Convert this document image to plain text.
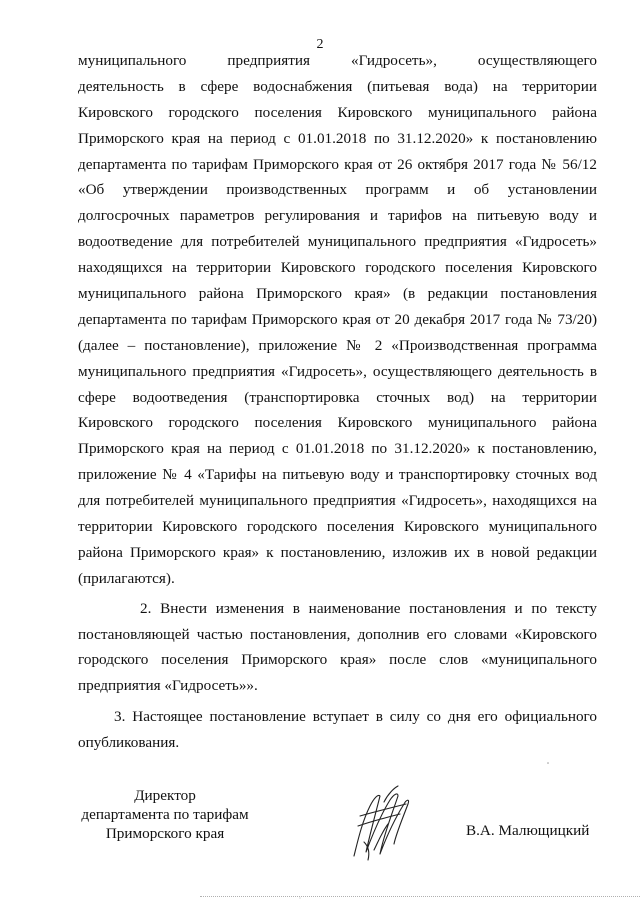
2
муниципального предприятия «Гидросеть», осуществляющего
деятельность в сфере водоснабжения (питьевая вода) на территории
Кировского городского поселения Кировского муниципального района
Приморского края на период с 01.01.2018 по 31.12.2020» к постановлению
департамента по тарифам Приморского края от 26 октября 2017 года № 56/12
«Об утверждении производственных программ и об установлении
долгосрочных параметров регулирования и тарифов на питьевую воду и
водоотведение для потребителей муниципального предприятия «Гидросеть»
находящихся на территории Кировского городского поселения Кировского
муниципального района Приморского края» (в редакции постановления
департамента по тарифам Приморского края от 20 декабря 2017 года № 73/20)
(далее – постановление), приложение № 2 «Производственная программа
муниципального предприятия «Гидросеть», осуществляющего деятельность в
сфере водоотведения (транспортировка сточных вод) на территории
Кировского городского поселения Кировского муниципального района
Приморского края на период с 01.01.2018 по 31.12.2020» к постановлению,
приложение № 4 «Тарифы на питьевую воду и транспортировку сточных вод
для потребителей муниципального предприятия «Гидросеть», находящихся на
территории Кировского городского поселения Кировского муниципального
района Приморского края» к постановлению, изложив их в новой редакции
(прилагаются).
2. Внести изменения в наименование постановления и по тексту
постановляющей частью постановления, дополнив его словами «Кировского
городского поселения Приморского края» после слов «муниципального
предприятия «Гидросеть»».
3. Настоящее постановление вступает в силу со дня его официального
опубликования.
Директор
департамента по тарифам
Приморского края	В.А. Малющицкий
